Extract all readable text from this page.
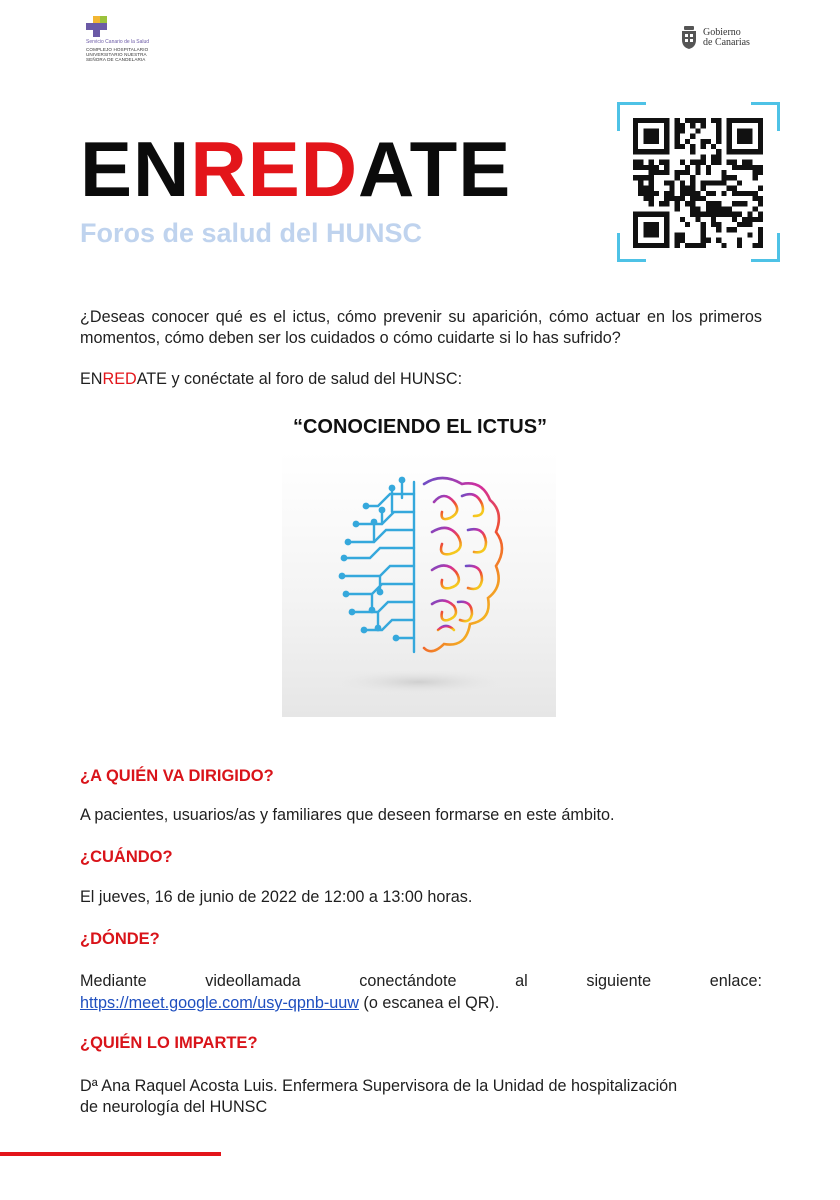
Servicio Canario de la Salud
COMPLEJO HOSPITALARIO
UNIVERSITARIO NUESTRA
SEÑORA DE CANDELARIA
Gobierno
de Canarias
ENREDATE
Foros de salud del HUNSC
¿Deseas conocer qué es el ictus, cómo prevenir su aparición, cómo actuar en los primeros momentos, cómo deben ser los cuidados o cómo cuidarte si lo has sufrido?
ENREDATE y conéctate al foro de salud del HUNSC:
“CONOCIENDO EL ICTUS”
¿A QUIÉN VA DIRIGIDO?
A pacientes, usuarios/as y familiares que deseen formarse en este ámbito.
¿CUÁNDO?
El jueves, 16 de junio de 2022 de 12:00 a 13:00 horas.
¿DÓNDE?
Mediante videollamada conectándote al siguiente enlace:
https://meet.google.com/usy-qpnb-uuw (o escanea el QR).
¿QUIÉN LO IMPARTE?
Dª Ana Raquel Acosta Luis. Enfermera Supervisora de la Unidad de hospitalización
de neurología del HUNSC
